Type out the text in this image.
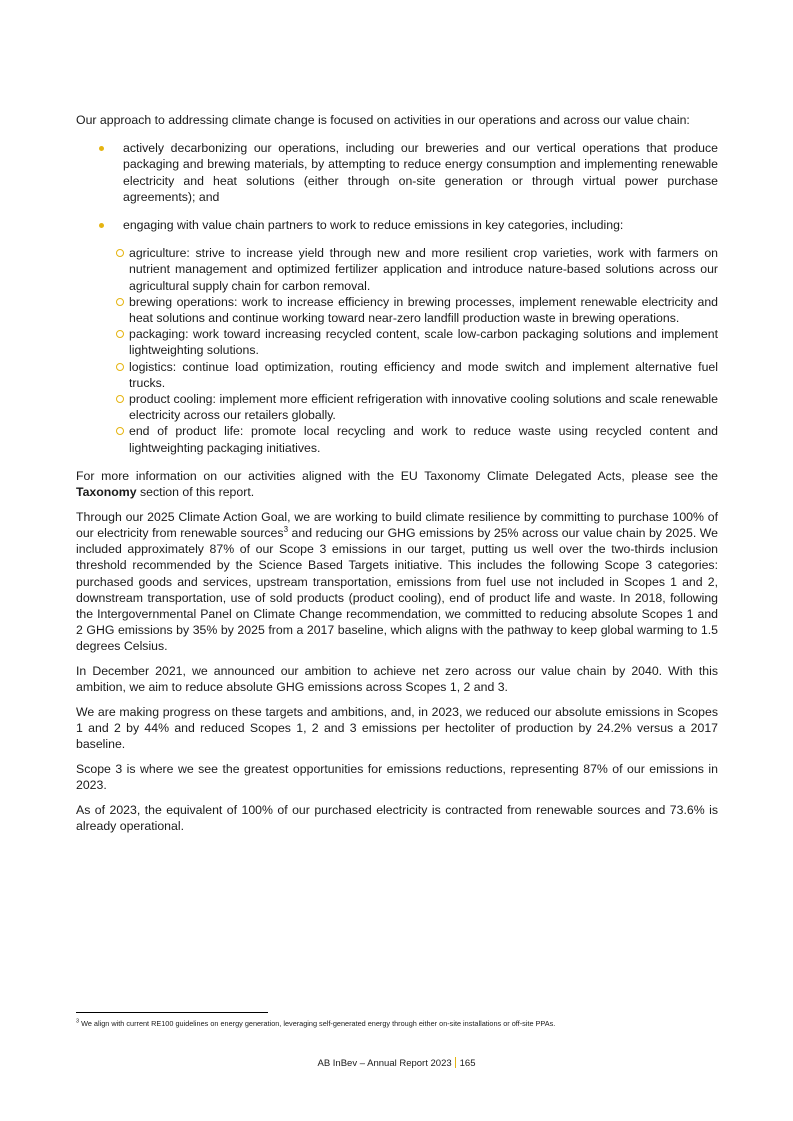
Our approach to addressing climate change is focused on activities in our operations and across our value chain:

actively decarbonizing our operations, including our breweries and our vertical operations that produce packaging and brewing materials, by attempting to reduce energy consumption and implementing renewable electricity and heat solutions (either through on-site generation or through virtual power purchase agreements); and
engaging with value chain partners to work to reduce emissions in key categories, including:
agriculture: strive to increase yield through new and more resilient crop varieties, work with farmers on nutrient management and optimized fertilizer application and introduce nature-based solutions across our agricultural supply chain for carbon removal.
brewing operations: work to increase efficiency in brewing processes, implement renewable electricity and heat solutions and continue working toward near-zero landfill production waste in brewing operations.
packaging: work toward increasing recycled content, scale low-carbon packaging solutions and implement lightweighting solutions.
logistics: continue load optimization, routing efficiency and mode switch and implement alternative fuel trucks.
product cooling: implement more efficient refrigeration with innovative cooling solutions and scale renewable electricity across our retailers globally.
end of product life: promote local recycling and work to reduce waste using recycled content and lightweighting packaging initiatives.

For more information on our activities aligned with the EU Taxonomy Climate Delegated Acts, please see the Taxonomy section of this report.

Through our 2025 Climate Action Goal, we are working to build climate resilience by committing to purchase 100% of our electricity from renewable sources$^3$ and reducing our GHG emissions by 25% across our value chain by 2025. We included approximately 87% of our Scope 3 emissions in our target, putting us well over the two-thirds inclusion threshold recommended by the Science Based Targets initiative. This includes the following Scope 3 categories: purchased goods and services, upstream transportation, emissions from fuel use not included in Scopes 1 and 2, downstream transportation, use of sold products (product cooling), end of product life and waste. In 2018, following the Intergovernmental Panel on Climate Change recommendation, we committed to reducing absolute Scopes 1 and 2 GHG emissions by 35% by 2025 from a 2017 baseline, which aligns with the pathway to keep global warming to 1.5 degrees Celsius.

In December 2021, we announced our ambition to achieve net zero across our value chain by 2040. With this ambition, we aim to reduce absolute GHG emissions across Scopes 1, 2 and 3.

We are making progress on these targets and ambitions, and, in 2023, we reduced our absolute emissions in Scopes 1 and 2 by 44% and reduced Scopes 1, 2 and 3 emissions per hectoliter of production by 24.2% versus a 2017 baseline.

Scope 3 is where we see the greatest opportunities for emissions reductions, representing 87% of our emissions in 2023.

As of 2023, the equivalent of 100% of our purchased electricity is contracted from renewable sources and 73.6% is already operational.

$^3$ We align with current RE100 guidelines on energy generation, leveraging self-generated energy through either on-site installations or off-site PPAs.
AB InBev – Annual Report 2023 165
